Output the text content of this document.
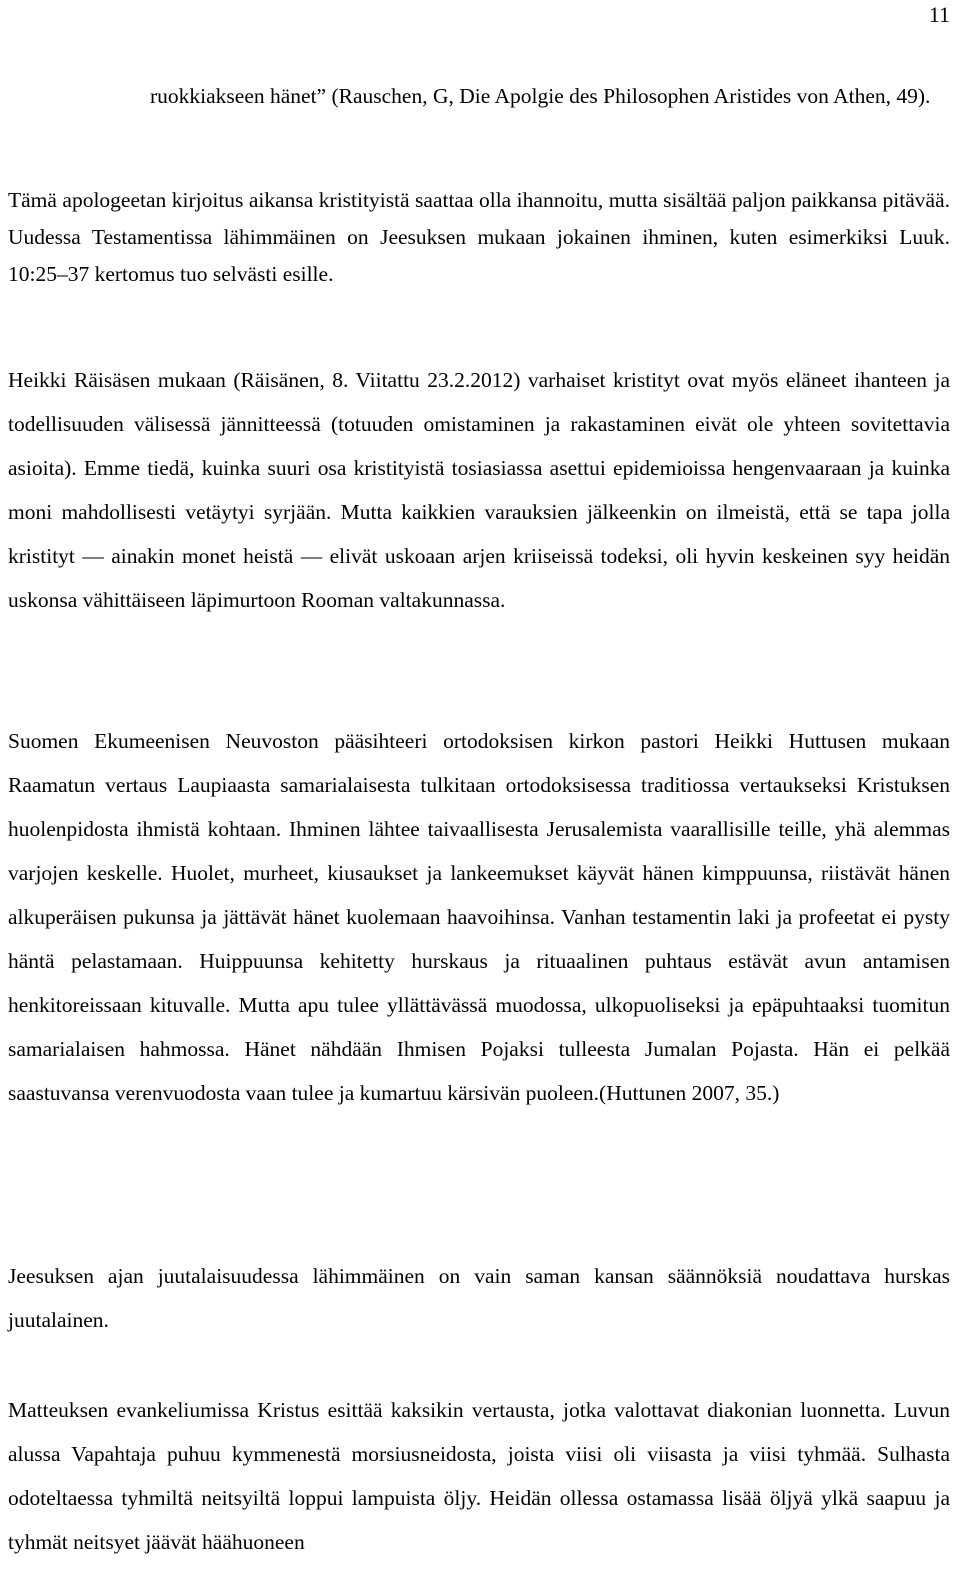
11

ruokkiakseen hänet” (Rauschen, G, Die Apolgie des Philosophen Aristides von Athen, 49).

Tämä apologeetan kirjoitus aikansa kristityistä saattaa olla ihannoitu, mutta sisältää paljon paikkansa pitävää. Uudessa Testamentissa lähimmäinen on Jeesuksen mukaan jokainen ihminen, kuten esimerkiksi Luuk. 10:25–37 kertomus tuo selvästi esille.

Heikki Räisäsen mukaan (Räisänen, 8. Viitattu 23.2.2012) varhaiset kristityt ovat myös eläneet ihanteen ja todellisuuden välisessä jännitteessä (totuuden omistaminen ja rakastaminen eivät ole yhteen sovitettavia asioita). Emme tiedä, kuinka suuri osa kristityistä tosiasiassa asettui epidemioissa hengenvaaraan ja kuinka moni mahdollisesti vetäytyi syrjään. Mutta kaikkien varauksien jälkeenkin on ilmeistä, että se tapa jolla kristityt — ainakin monet heistä — elivät uskoaan arjen kriiseissä todeksi, oli hyvin keskeinen syy heidän uskonsa vähittäiseen läpimurtoon Rooman valtakunnassa.

Suomen Ekumeenisen Neuvoston pääsihteeri ortodoksisen kirkon pastori Heikki Huttusen mukaan Raamatun vertaus Laupiaasta samarialaisesta tulkitaan ortodoksisessa traditiossa vertaukseksi Kristuksen huolenpidosta ihmistä kohtaan. Ihminen lähtee taivaallisesta Jerusalemista vaarallisille teille, yhä alemmas varjojen keskelle. Huolet, murheet, kiusaukset ja lankeemukset käyvät hänen kimppuunsa, riistävät hänen alkuperäisen pukunsa ja jättävät hänet kuolemaan haavoihinsa. Vanhan testamentin laki ja profeetat ei pysty häntä pelastamaan. Huippuunsa kehitetty hurskaus ja rituaalinen puhtaus estävät avun antamisen henkitoreissaan kituvalle. Mutta apu tulee yllättävässä muodossa, ulkopuoliseksi ja epäpuhtaaksi tuomitun samarialaisen hahmossa. Hänet nähdään Ihmisen Pojaksi tulleesta Jumalan Pojasta. Hän ei pelkää saastuvansa verenvuodosta vaan tulee ja kumartuu kärsivän puoleen.(Huttunen 2007, 35.)

Jeesuksen ajan juutalaisuudessa lähimmäinen on vain saman kansan säännöksiä noudattava hurskas juutalainen.

Matteuksen evankeliumissa Kristus esittää kaksikin vertausta, jotka valottavat diakonian luonnetta. Luvun alussa Vapahtaja puhuu kymmenestä morsiusneidosta, joista viisi oli viisasta ja viisi tyhmää. Sulhasta odoteltaessa tyhmiltä neitsyiltä loppui lampuista öljy. Heidän ollessa ostamassa lisää öljyä ylkä saapuu ja tyhmät neitsyet jäävät häähuoneen
